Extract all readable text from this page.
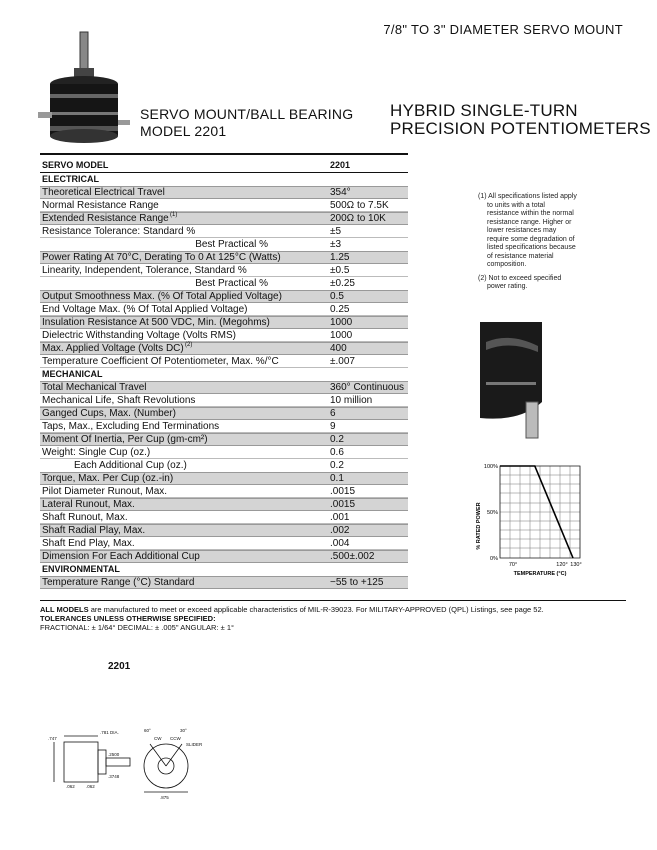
7/8" TO 3" DIAMETER SERVO MOUNT
SERVO MOUNT/BALL BEARING
MODEL 2201
HYBRID SINGLE-TURN
PRECISION POTENTIOMETERS
SERVO MODEL	2201
ELECTRICAL
Theoretical Electrical Travel	354°
Normal Resistance Range	500Ω to 7.5K
Extended Resistance Range (1)	200Ω to 10K
Resistance Tolerance: Standard %	±5
Best Practical %	±3
Power Rating At 70°C, Derating To 0 At 125°C (Watts)	1.25
Linearity, Independent, Tolerance, Standard %	±0.5
Best Practical %	±0.25
Output Smoothness Max. (% Of Total Applied Voltage)	0.5
End Voltage Max. (% Of Total Applied Voltage)	0.25
Insulation Resistance At 500 VDC, Min. (Megohms)	1000
Dielectric Withstanding Voltage (Volts RMS)	1000
Max. Applied Voltage (Volts DC) (2)	400
Temperature Coefficient Of Potentiometer, Max. %/°C	±.007
MECHANICAL
Total Mechanical Travel	360° Continuous
Mechanical Life, Shaft Revolutions	10 million
Ganged Cups, Max. (Number)	6
Taps, Max., Excluding End Terminations	9
Moment Of Inertia, Per Cup (gm-cm²)	0.2
Weight: Single Cup (oz.)	0.6
Each Additional Cup (oz.)	0.2
Torque, Max. Per Cup (oz.-in)	0.1
Pilot Diameter Runout, Max.	.0015
Lateral Runout, Max.	.0015
Shaft Runout, Max.	.001
Shaft Radial Play, Max.	.002
Shaft End Play, Max.	.004
Dimension For Each Additional Cup	.500±.002
ENVIRONMENTAL
Temperature Range (°C) Standard	−55 to +125

(1) All specifications listed apply to units with a total resistance within the normal resistance range. Higher or lower resistances may require some degradation of listed specifications because of resistance material composition.

(2) Not to exceed specified power rating.

% RATED POWER
100%
50%
0%
70°	120° 130°
TEMPERATURE (°C)
ALL MODELS are manufactured to meet or exceed applicable characteristics of MIL-R-39023. For MILITARY-APPROVED (QPL) Listings, see page 52.
TOLERANCES UNLESS OTHERWISE SPECIFIED:
FRACTIONAL: ± 1/64° DECIMAL: ± .005" ANGULAR: ± 1°
2201
.747
.781 DIA.
.2500
.062
.3748
.062
.875
60°	30°
SLIDER
CW CCW
